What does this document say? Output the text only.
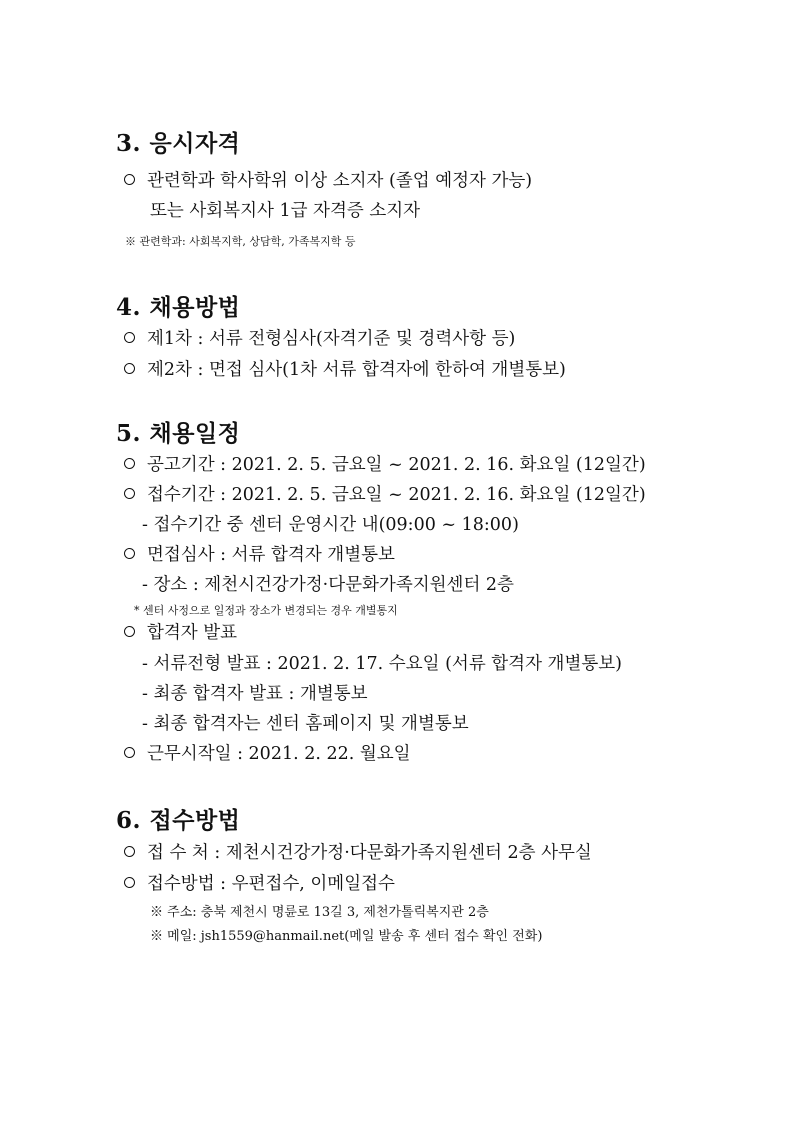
3. 응시자격
관련학과 학사학위 이상 소지자 (졸업 예정자 가능)
또는 사회복지사 1급 자격증 소지자
※ 관련학과: 사회복지학, 상담학, 가족복지학 등
4. 채용방법
제1차 : 서류 전형심사(자격기준 및 경력사항 등)
제2차 : 면접 심사(1차 서류 합격자에 한하여 개별통보)
5. 채용일정
공고기간 : 2021. 2. 5. 금요일 ~ 2021. 2. 16. 화요일 (12일간)
접수기간 : 2021. 2. 5. 금요일 ~ 2021. 2. 16. 화요일 (12일간)
- 접수기간 중 센터 운영시간 내(09:00 ~ 18:00)
면접심사 : 서류 합격자 개별통보
- 장소 : 제천시건강가정·다문화가족지원센터 2층
* 센터 사정으로 일정과 장소가 변경되는 경우 개별통지
합격자 발표
- 서류전형 발표 : 2021. 2. 17. 수요일 (서류 합격자 개별통보)
- 최종 합격자 발표 : 개별통보
- 최종 합격자는 센터 홈페이지 및 개별통보
근무시작일 : 2021. 2. 22. 월요일
6. 접수방법
접 수 처 : 제천시건강가정·다문화가족지원센터 2층 사무실
접수방법 : 우편접수, 이메일접수
※ 주소: 충북 제천시 명륜로 13길 3, 제천가톨릭복지관 2층
※ 메일: jsh1559@hanmail.net(메일 발송 후 센터 접수 확인 전화)
